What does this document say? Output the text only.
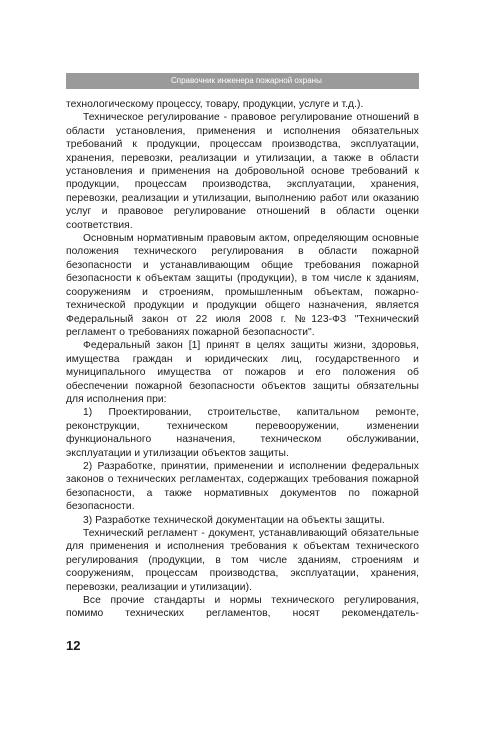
Справочник инженера пожарной охраны

технологическому процессу, товару, продукции, услуге и т.д.).

Техническое регулирование - правовое регулирование отношений в области установления, применения и исполнения обязательных требований к продукции, процессам производства, эксплуатации, хранения, перевозки, реализации и утилизации, а также в области установления и применения на добровольной основе требований к продукции, процессам производства, эксплуатации, хранения, перевозки, реализации и утилизации, выполнению работ или оказанию услуг и правовое регулирование отношений в области оценки соответствия.

Основным нормативным правовым актом, определяющим основные положения технического регулирования в области пожарной безопасности и устанавливающим общие требования пожарной безопасности к объектам защиты (продукции), в том числе к зданиям, сооружениям и строениям, промышленным объектам, пожарно-технической продукции и продукции общего назначения, является Федеральный закон от 22 июля 2008 г. №123-ФЗ "Технический регламент о требованиях пожарной безопасности".

Федеральный закон [1] принят в целях защиты жизни, здоровья, имущества граждан и юридических лиц, государственного и муниципального имущества от пожаров и его положения об обеспечении пожарной безопасности объектов защиты обязательны для исполнения при:

1) Проектировании, строительстве, капитальном ремонте, реконструкции, техническом перевооружении, изменении функционального назначения, техническом обслуживании, эксплуатации и утилизации объектов защиты.

2) Разработке, принятии, применении и исполнении федеральных законов о технических регламентах, содержащих требования пожарной безопасности, а также нормативных документов по пожарной безопасности.

3) Разработке технической документации на объекты защиты.

Технический регламент - документ, устанавливающий обязательные для применения и исполнения требования к объектам технического регулирования (продукции, в том числе зданиям, строениям и сооружениям, процессам производства, эксплуатации, хранения, перевозки, реализации и утилизации).

Все прочие стандарты и нормы технического регулирования, помимо технических регламентов, носят рекомендатель-

12
